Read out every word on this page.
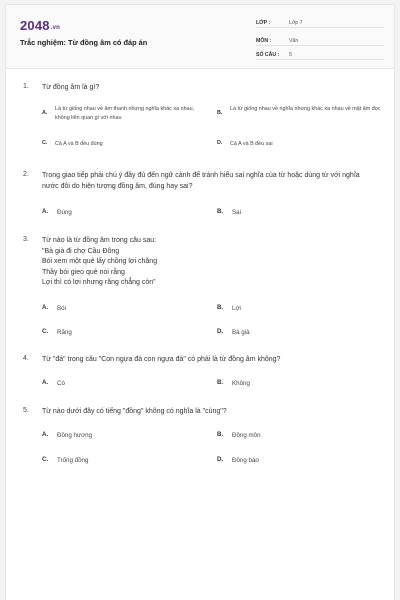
2048.vn
Trắc nghiệm: Từ đồng âm có đáp án
LỚP :	Lớp 7
MÔN :	Văn
SỐ CÂU : 5
1. Từ đồng âm là gì?
A.
Là từ giống nhau về âm thanh nhưng nghĩa khác xa nhau, không liên quan gì với nhau
B.
Là từ giống nhau về nghĩa nhưng khác xa nhau về mặt âm đọc
C. Cả A và B đều đúng	D. Cả A và B đều sai
2. Trong giao tiếp phải chú ý đầy đủ đến ngữ cảnh để tránh hiểu sai nghĩa của từ hoặc dùng từ với nghĩa nước đôi do hiện tượng đồng âm, đúng hay sai?
A. Đúng	B. Sai
3. Từ nào là từ đồng âm trong câu sau:
"Bà già đi chợ Cầu Đông
Bói xem một quẻ lấy chồng lợi chăng
Thầy bói gieo quẻ nói rằng
Lợi thì có lợi nhưng răng chẳng còn"
A. Bói	B. Lợi
C. Răng	D. Bà già
4. Từ "đá" trong câu "Con ngựa đá con ngựa đá" có phải là từ đồng âm không?
A. Có	B. Không
5. Từ nào dưới đây có tiếng "đồng" không có nghĩa là "cùng"?
A. Đồng hương	B. Đồng môn
C. Trống đồng	D. Đồng bào
